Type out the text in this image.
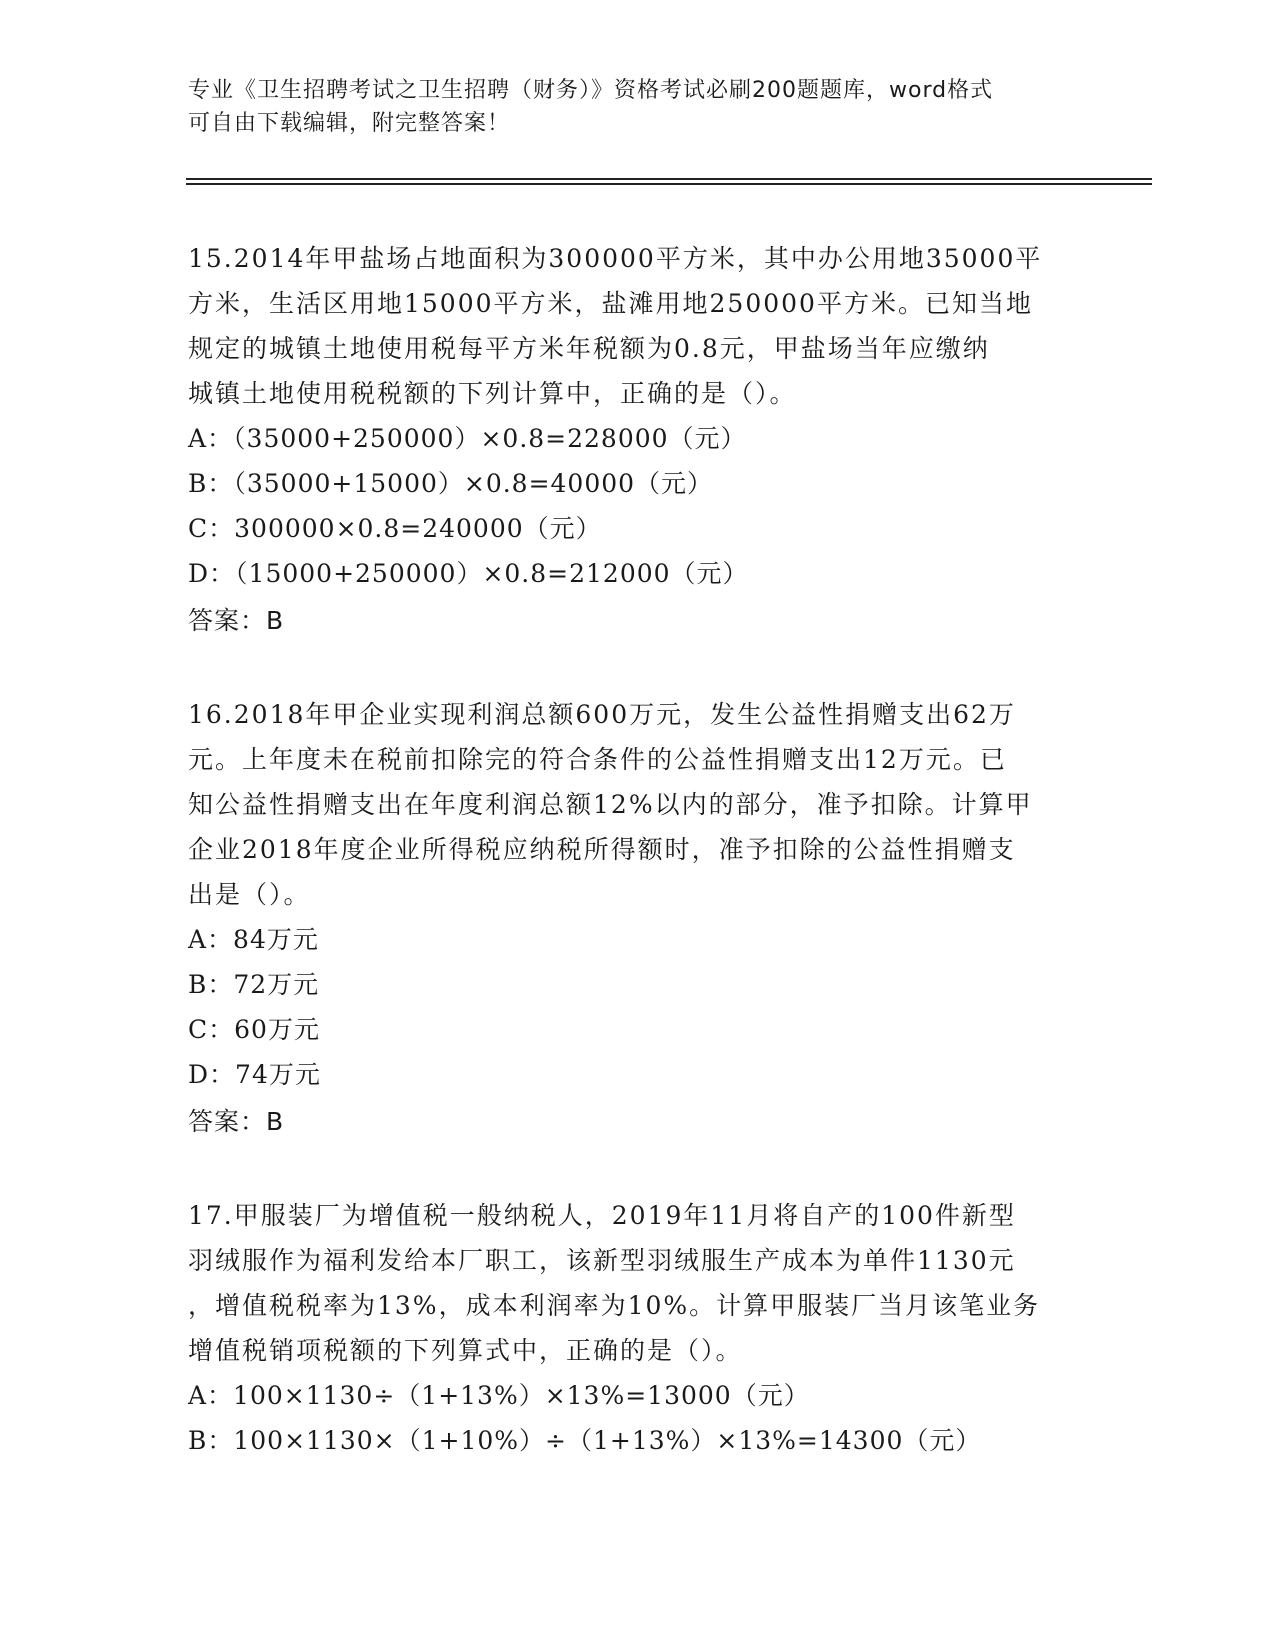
专业《卫生招聘考试之卫生招聘（财务）》资格考试必刷200题题库，word格式
可自由下载编辑，附完整答案！
15.2014年甲盐场占地面积为300000平方米，其中办公用地35000平
方米，生活区用地15000平方米，盐滩用地250000平方米。已知当地
规定的城镇土地使用税每平方米年税额为0.8元，甲盐场当年应缴纳
城镇土地使用税税额的下列计算中，正确的是（）。
A：（35000+250000）×0.8=228000（元）
B：（35000+15000）×0.8=40000（元）
C：300000×0.8=240000（元）
D：（15000+250000）×0.8=212000（元）
答案：B
16.2018年甲企业实现利润总额600万元，发生公益性捐赠支出62万
元。上年度未在税前扣除完的符合条件的公益性捐赠支出12万元。已
知公益性捐赠支出在年度利润总额12%以内的部分，准予扣除。计算甲
企业2018年度企业所得税应纳税所得额时，准予扣除的公益性捐赠支
出是（）。
A：84万元
B：72万元
C：60万元
D：74万元
答案：B
17.甲服装厂为增值税一般纳税人，2019年11月将自产的100件新型
羽绒服作为福利发给本厂职工，该新型羽绒服生产成本为单件1130元
，增值税税率为13%，成本利润率为10%。计算甲服装厂当月该笔业务
增值税销项税额的下列算式中，正确的是（）。
A：100×1130÷（1+13%）×13%=13000（元）
B：100×1130×（1+10%）÷（1+13%）×13%=14300（元）
